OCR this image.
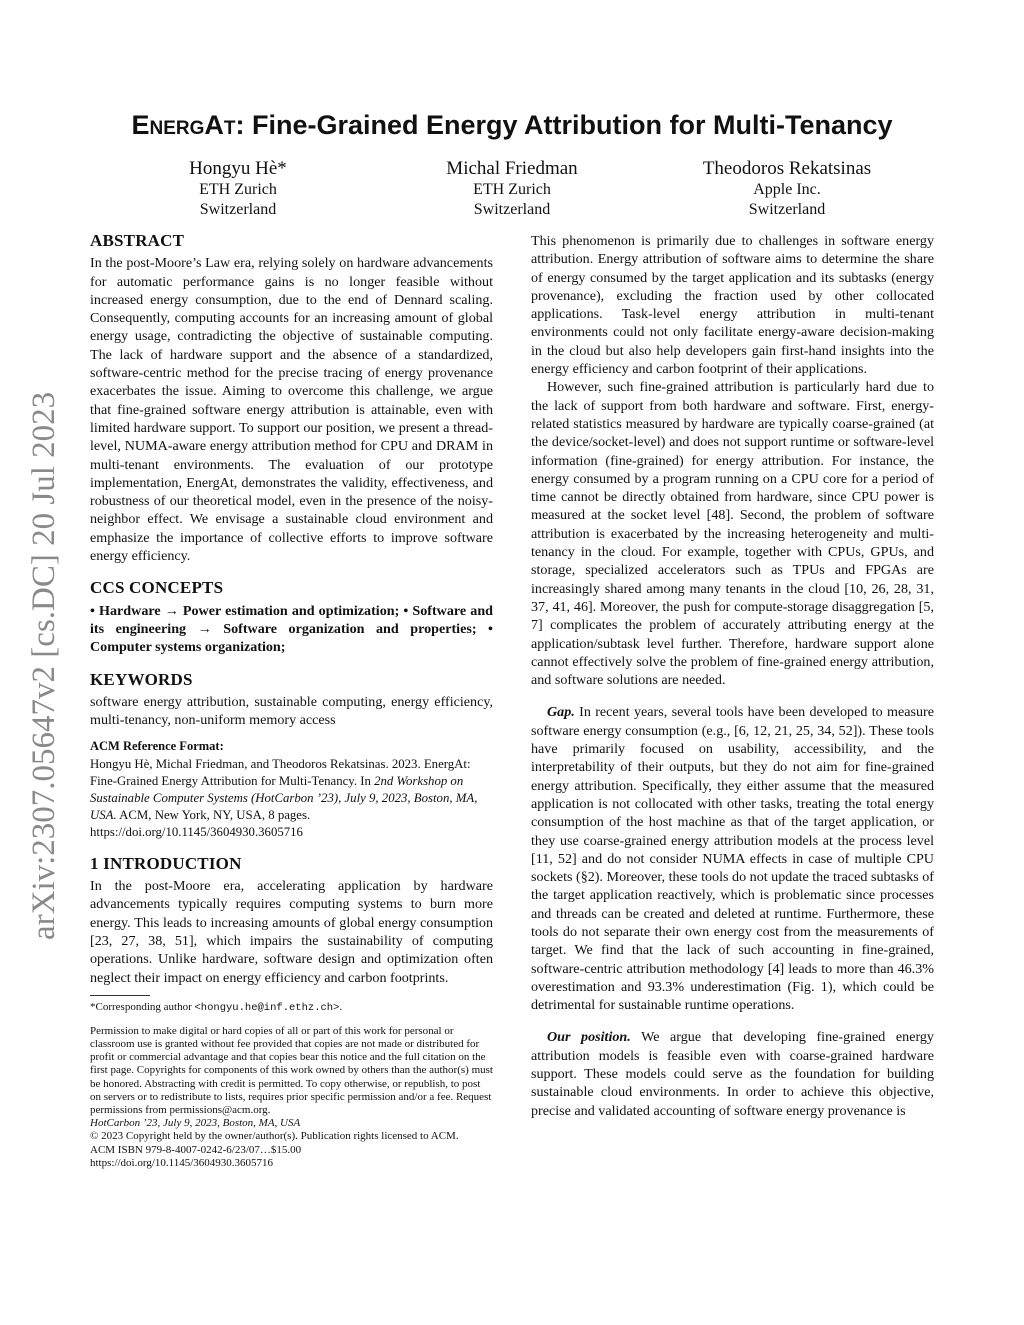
arXiv:2307.05647v2 [cs.DC] 20 Jul 2023
EnergAt: Fine-Grained Energy Attribution for Multi-Tenancy
Hongyu Hè*
ETH Zurich
Switzerland
Michal Friedman
ETH Zurich
Switzerland
Theodoros Rekatsinas
Apple Inc.
Switzerland
ABSTRACT

In the post-Moore’s Law era, relying solely on hardware advancements for automatic performance gains is no longer feasible without increased energy consumption, due to the end of Dennard scaling. Consequently, computing accounts for an increasing amount of global energy usage, contradicting the objective of sustainable computing. The lack of hardware support and the absence of a standardized, software-centric method for the precise tracing of energy provenance exacerbates the issue. Aiming to overcome this challenge, we argue that fine-grained software energy attribution is attainable, even with limited hardware support. To support our position, we present a thread-level, NUMA-aware energy attribution method for CPU and DRAM in multi-tenant environments. The evaluation of our prototype implementation, EnergAt, demonstrates the validity, effectiveness, and robustness of our theoretical model, even in the presence of the noisy-neighbor effect. We envisage a sustainable cloud environment and emphasize the importance of collective efforts to improve software energy efficiency.

CCS CONCEPTS

• Hardware → Power estimation and optimization; • Software and its engineering → Software organization and properties; • Computer systems organization;

KEYWORDS

software energy attribution, sustainable computing, energy efficiency, multi-tenancy, non-uniform memory access

ACM Reference Format:

Hongyu Hè, Michal Friedman, and Theodoros Rekatsinas. 2023. EnergAt: Fine-Grained Energy Attribution for Multi-Tenancy. In 2nd Workshop on Sustainable Computer Systems (HotCarbon ’23), July 9, 2023, Boston, MA, USA. ACM, New York, NY, USA, 8 pages. https://doi.org/10.1145/3604930.3605716

1 INTRODUCTION

In the post-Moore era, accelerating application by hardware advancements typically requires computing systems to burn more energy. This leads to increasing amounts of global energy consumption [23, 27, 38, 51], which impairs the sustainability of computing operations. Unlike hardware, software design and optimization often neglect their impact on energy efficiency and carbon footprints.

*Corresponding author <hongyu.he@inf.ethz.ch>.
Permission to make digital or hard copies of all or part of this work for personal or classroom use is granted without fee provided that copies are not made or distributed for profit or commercial advantage and that copies bear this notice and the full citation on the first page. Copyrights for components of this work owned by others than the author(s) must be honored. Abstracting with credit is permitted. To copy otherwise, or republish, to post on servers or to redistribute to lists, requires prior specific permission and/or a fee. Request permissions from permissions@acm.org.
HotCarbon ’23, July 9, 2023, Boston, MA, USA
© 2023 Copyright held by the owner/author(s). Publication rights licensed to ACM.
ACM ISBN 979-8-4007-0242-6/23/07…$15.00
https://doi.org/10.1145/3604930.3605716

This phenomenon is primarily due to challenges in software energy attribution. Energy attribution of software aims to determine the share of energy consumed by the target application and its subtasks (energy provenance), excluding the fraction used by other collocated applications. Task-level energy attribution in multi-tenant environments could not only facilitate energy-aware decision-making in the cloud but also help developers gain first-hand insights into the energy efficiency and carbon footprint of their applications.

However, such fine-grained attribution is particularly hard due to the lack of support from both hardware and software. First, energy-related statistics measured by hardware are typically coarse-grained (at the device/socket-level) and does not support runtime or software-level information (fine-grained) for energy attribution. For instance, the energy consumed by a program running on a CPU core for a period of time cannot be directly obtained from hardware, since CPU power is measured at the socket level [48]. Second, the problem of software attribution is exacerbated by the increasing heterogeneity and multi-tenancy in the cloud. For example, together with CPUs, GPUs, and storage, specialized accelerators such as TPUs and FPGAs are increasingly shared among many tenants in the cloud [10, 26, 28, 31, 37, 41, 46]. Moreover, the push for compute-storage disaggregation [5, 7] complicates the problem of accurately attributing energy at the application/subtask level further. Therefore, hardware support alone cannot effectively solve the problem of fine-grained energy attribution, and software solutions are needed.

Gap. In recent years, several tools have been developed to measure software energy consumption (e.g., [6, 12, 21, 25, 34, 52]). These tools have primarily focused on usability, accessibility, and the interpretability of their outputs, but they do not aim for fine-grained energy attribution. Specifically, they either assume that the measured application is not collocated with other tasks, treating the total energy consumption of the host machine as that of the target application, or they use coarse-grained energy attribution models at the process level [11, 52] and do not consider NUMA effects in case of multiple CPU sockets (§2). Moreover, these tools do not update the traced subtasks of the target application reactively, which is problematic since processes and threads can be created and deleted at runtime. Furthermore, these tools do not separate their own energy cost from the measurements of target. We find that the lack of such accounting in fine-grained, software-centric attribution methodology [4] leads to more than 46.3% overestimation and 93.3% underestimation (Fig. 1), which could be detrimental for sustainable runtime operations.

Our position. We argue that developing fine-grained energy attribution models is feasible even with coarse-grained hardware support. These models could serve as the foundation for building sustainable cloud environments. In order to achieve this objective, precise and validated accounting of software energy provenance is
